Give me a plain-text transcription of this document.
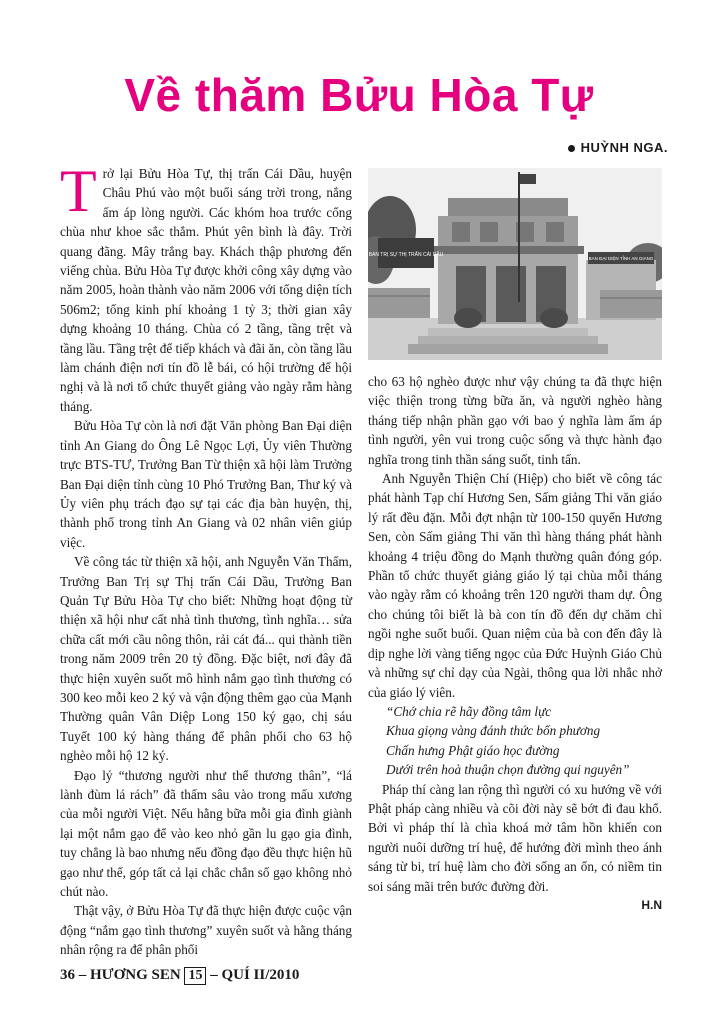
Về thăm Bửu Hòa Tự
HUỲNH NGA.

Trở lại Bửu Hòa Tự, thị trấn Cái Dầu, huyện Châu Phú vào một buổi sáng trời trong, nắng ấm áp lòng người. Các khóm hoa trước cổng chùa như khoe sắc thắm. Phút yên bình là đây. Trời quang đãng. Mây trắng bay. Khách thập phương đến viếng chùa. Bửu Hòa Tự được khởi công xây dựng vào năm 2005, hoàn thành vào năm 2006 với tổng diện tích 506m2; tổng kinh phí khoảng 1 tỷ 3; thời gian xây dựng khoảng 10 tháng. Chùa có 2 tầng, tầng trệt và tầng lầu. Tầng trệt để tiếp khách và đãi ăn, còn tầng lầu làm chánh điện nơi tín đồ lễ bái, có hội trường để hội nghị và là nơi tổ chức thuyết giảng vào ngày rằm hàng tháng.

Bửu Hòa Tự còn là nơi đặt Văn phòng Ban Đại diện tỉnh An Giang do Ông Lê Ngọc Lợi, Ủy viên Thường trực BTS-TƯ, Trưởng Ban Từ thiện xã hội làm Trưởng Ban Đại diện tỉnh cùng 10 Phó Trưởng Ban, Thư ký và Ủy viên phụ trách đạo sự tại các địa bàn huyện, thị, thành phố trong tỉnh An Giang và 02 nhân viên giúp việc.

Về công tác từ thiện xã hội, anh Nguyễn Văn Thẩm, Trưởng Ban Trị sự Thị trấn Cái Dầu, Trưởng Ban Quản Tự Bửu Hòa Tự cho biết: Những hoạt động từ thiện xã hội như cất nhà tình thương, tình nghĩa… sửa chữa cất mới cầu nông thôn, rải cát đá... qui thành tiền trong năm 2009 trên 20 tỷ đồng. Đặc biệt, nơi đây đã thực hiện xuyên suốt mô hình nắm gạo tình thương có 300 keo mỗi keo 2 ký và vận động thêm gạo của Mạnh Thường quân Vân Diệp Long 150 ký gạo, chị sáu Tuyết 100 ký hàng tháng để phân phối cho 63 hộ nghèo mỗi hộ 12 ký.

Đạo lý “thương người như thể thương thân”, “lá lành đùm lá rách” đã thấm sâu vào trong mấu xương của mỗi người Việt. Nếu hằng bữa mỗi gia đình giành lại một nắm gạo để vào keo nhỏ gần lu gạo gia đình, tuy chẳng là bao nhưng nếu đồng đạo đều thực hiện hũ gạo như thế, góp tất cả lại chắc chắn số gạo không nhỏ chút nào.

Thật vậy, ở Bửu Hòa Tự đã thực hiện được cuộc vận động “nắm gạo tình thương” xuyên suốt và hằng tháng nhân rộng ra để phân phối

BAN TRỊ SỰ THỊ TRẤN CÁI DẦU
BAN ĐẠI DIỆN TỈNH AN GIANG

cho 63 hộ nghèo được như vậy chúng ta đã thực hiện việc thiện trong từng bữa ăn, và người nghèo hàng tháng tiếp nhận phần gạo với bao ý nghĩa làm ấm áp tình người, yên vui trong cuộc sống và thực hành đạo nghĩa trong tinh thần sáng suốt, tinh tấn.

Anh Nguyễn Thiện Chí (Hiệp) cho biết về công tác phát hành Tạp chí Hương Sen, Sấm giảng Thi văn giáo lý rất đều đặn. Mỗi đợt nhận từ 100-150 quyển Hương Sen, còn Sấm giảng Thi văn thì hàng tháng phát hành khoảng 4 triệu đồng do Mạnh thường quân đóng góp. Phần tổ chức thuyết giảng giáo lý tại chùa mỗi tháng vào ngày rằm có khoảng trên 120 người tham dự. Ông cho chúng tôi biết là bà con tín đồ đến dự chăm chỉ ngồi nghe suốt buổi. Quan niệm của bà con đến đây là dịp nghe lời vàng tiếng ngọc của Đức Huỳnh Giáo Chủ và những sự chỉ dạy của Ngài, thông qua lời nhắc nhở của giáo lý viên.

“Chớ chia rẽ hãy đồng tâm lực

Khua giọng vàng đánh thức bốn phương

Chấn hưng Phật giáo học đường

Dưới trên hoà thuận chọn đường qui nguyên”

Pháp thí càng lan rộng thì người có xu hướng về với Phật pháp càng nhiều và cõi đời này sẽ bớt đi đau khổ. Bởi vì pháp thí là chìa khoá mở tâm hồn khiến con người nuôi dưỡng trí huệ, để hướng đời mình theo ánh sáng từ bi, trí huệ làm cho đời sống an ổn, có niềm tin soi sáng mãi trên bước đường đời.

H.N

36 – HƯƠNG SEN 15 – QUÍ II/2010
